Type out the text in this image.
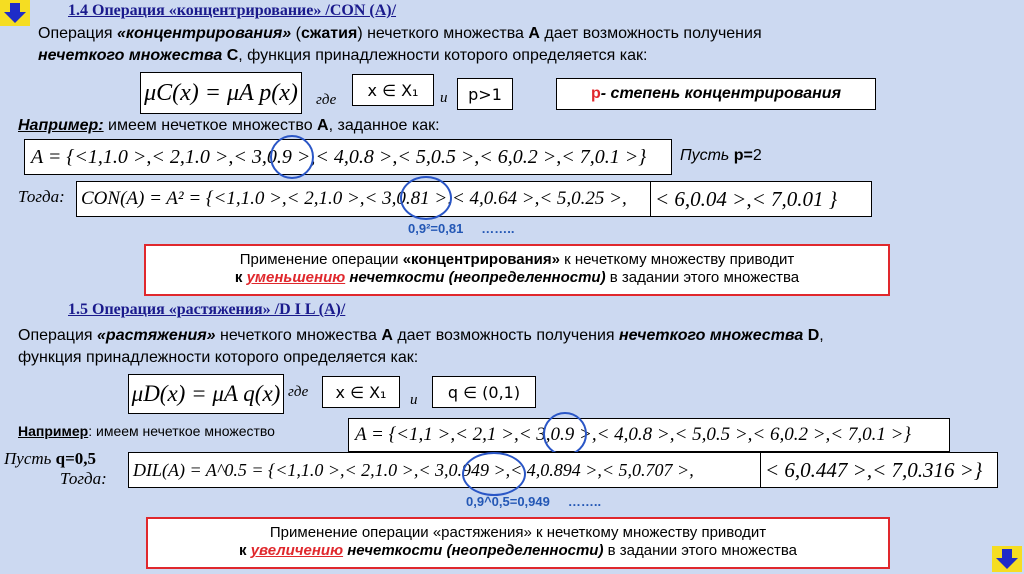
1.4 Операция «концентрирование» /CON (A)/
Операция «концентрирования» (сжатия) нечеткого множества A дает возможность получения
нечеткого множества C, функция принадлежности которого определяется как:
μC(x) = μA p(x) где
x ∈ X₁	и	p>1	p - степень концентрирования
Например: имеем нечеткое множество A, заданное как:
A = {<1,1.0 >,< 2,1.0 >,< 3,0.9 >,< 4,0.8 >,< 5,0.5 >,< 6,0.2 >,< 7,0.1 >}	Пусть p=2
Тогда: CON(A) = A² = {<1,1.0 >,< 2,1.0 >,< 3,0.81 >,< 4,0.64 >,< 5,0.25 >,	< 6,0.04 >,< 7,0.01 }
0,9²=0,81 ……..
Применение операции «концентрирования» к нечеткому множеству приводит
к уменьшению нечеткости (неопределенности) в задании этого множества
1.5 Операция «растяжения» /D I L (A)/
Операция «растяжения» нечеткого множества A дает возможность получения нечеткого множества D,
функция принадлежности которого определяется как:
μD(x) = μA q(x) где	x ∈ X₁	и	q ∈ (0,1)
Например: имеем нечеткое множество	A = {<1,1 >,< 2,1 >,< 3,0.9 >,< 4,0.8 >,< 5,0.5 >,< 6,0.2 >,< 7,0.1 >}
Пусть q=0,5
Тогда: DIL(A) = A^0.5 = {<1,1.0 >,< 2,1.0 >,< 3,0.949 >,< 4,0.894 >,< 5,0.707 >,	< 6,0.447 >,< 7,0.316 >}
0,9^0,5=0,949 ……..
Применение операции «растяжения» к нечеткому множеству приводит
к увеличению нечеткости (неопределенности) в задании этого множества
